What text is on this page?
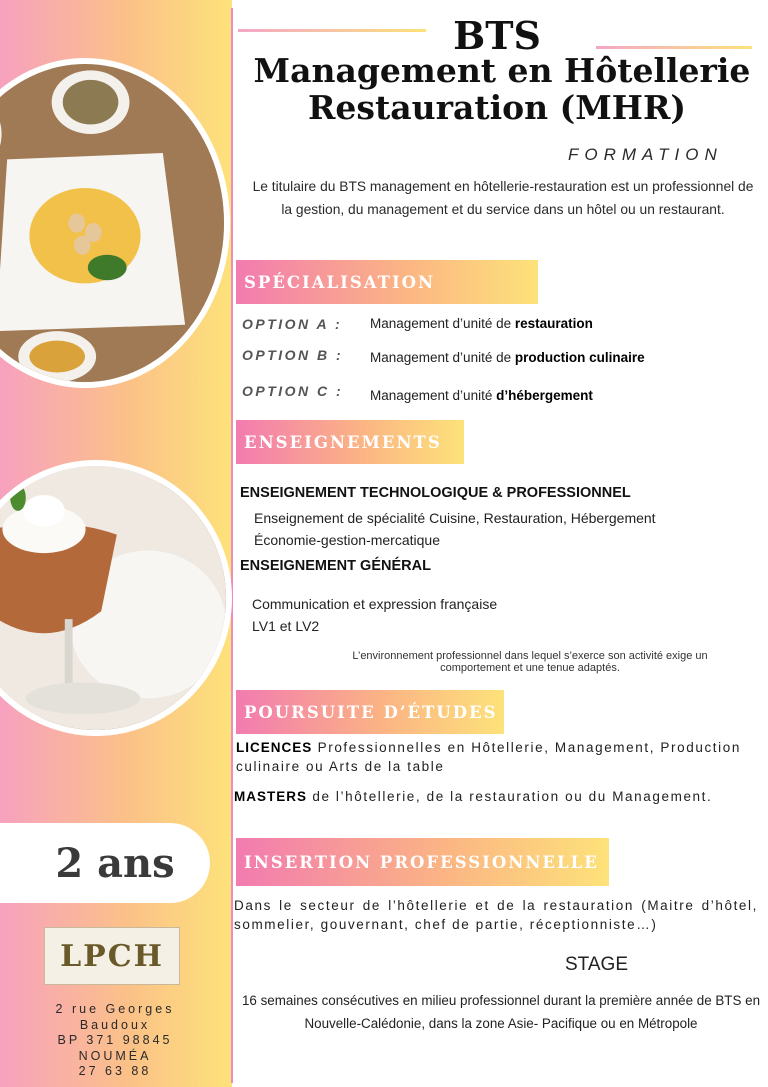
2 ans
LPCH
2 rue Georges
Baudoux
BP 371 98845
NOUMÉA
27 63 88
BTS
Management en Hôtellerie
Restauration (MHR)
FORMATION
Le titulaire du BTS management en hôtellerie-restauration est un professionnel de la gestion, du management et du service dans un hôtel ou un restaurant.
SPÉCIALISATION
OPTION A : Management d’unité de restauration
OPTION B : Management d’unité de production culinaire
OPTION C : Management d’unité d’hébergement
ENSEIGNEMENTS
ENSEIGNEMENT TECHNOLOGIQUE & PROFESSIONNEL
Enseignement de spécialité Cuisine, Restauration, Hébergement
Économie-gestion-mercatique
ENSEIGNEMENT GÉNÉRAL
Communication et expression française
LV1 et LV2
L’environnement professionnel dans lequel s’exerce son activité exige un comportement et une tenue adaptés.
POURSUITE D’ÉTUDES
LICENCES Professionnelles en Hôtellerie, Management, Production culinaire ou Arts de la table
MASTERS de l’hôtellerie, de la restauration ou du Management.
INSERTION PROFESSIONNELLE
Dans le secteur de l’hôtellerie et de la restauration (Maitre d’hôtel, sommelier, gouvernant, chef de partie, réceptionniste…)
STAGE
16 semaines consécutives en milieu professionnel durant la première année de BTS en Nouvelle-Calédonie, dans la zone Asie- Pacifique ou en Métropole
